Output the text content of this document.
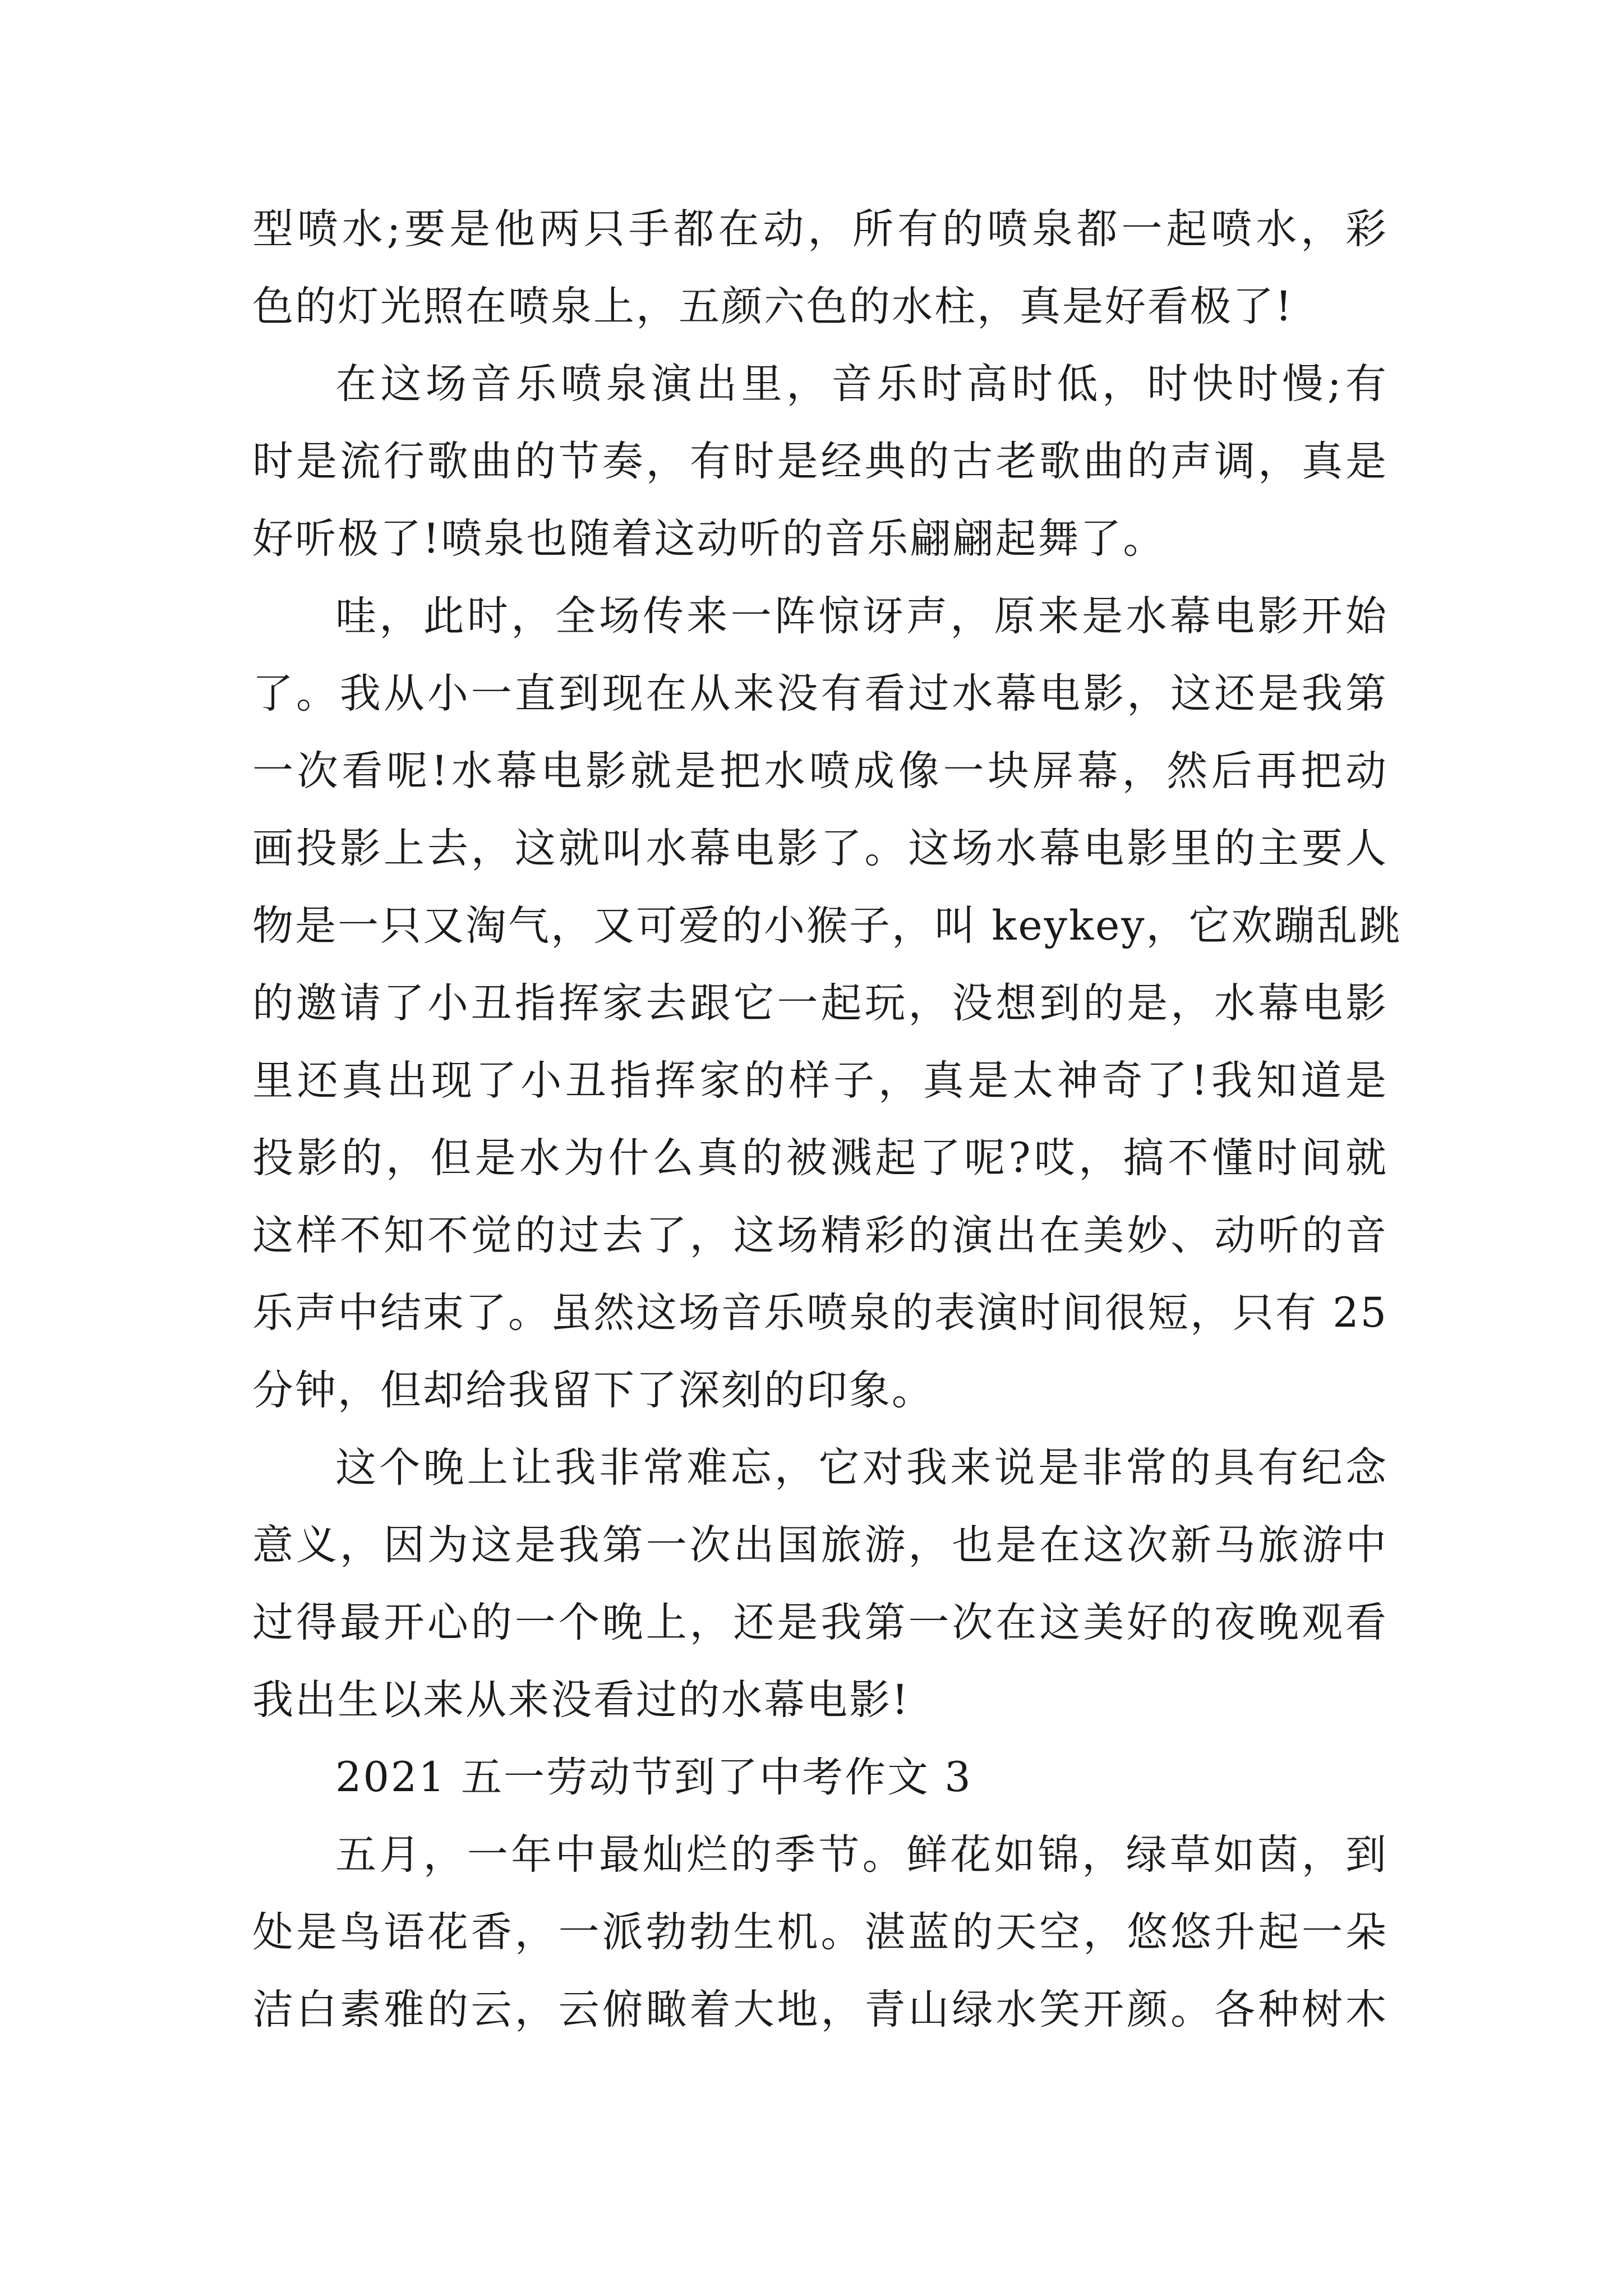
型喷水;要是他两只手都在动，所有的喷泉都一起喷水，彩
色的灯光照在喷泉上，五颜六色的水柱，真是好看极了!
在这场音乐喷泉演出里，音乐时高时低，时快时慢;有
时是流行歌曲的节奏，有时是经典的古老歌曲的声调，真是
好听极了!喷泉也随着这动听的音乐翩翩起舞了。
哇，此时，全场传来一阵惊讶声，原来是水幕电影开始
了。我从小一直到现在从来没有看过水幕电影，这还是我第
一次看呢!水幕电影就是把水喷成像一块屏幕，然后再把动
画投影上去，这就叫水幕电影了。这场水幕电影里的主要人
物是一只又淘气，又可爱的小猴子，叫 keykey，它欢蹦乱跳
的邀请了小丑指挥家去跟它一起玩，没想到的是，水幕电影
里还真出现了小丑指挥家的样子，真是太神奇了!我知道是
投影的，但是水为什么真的被溅起了呢?哎，搞不懂时间就
这样不知不觉的过去了，这场精彩的演出在美妙、动听的音
乐声中结束了。虽然这场音乐喷泉的表演时间很短，只有 25
分钟，但却给我留下了深刻的印象。
这个晚上让我非常难忘，它对我来说是非常的具有纪念
意义，因为这是我第一次出国旅游，也是在这次新马旅游中
过得最开心的一个晚上，还是我第一次在这美好的夜晚观看
我出生以来从来没看过的水幕电影!
2021 五一劳动节到了中考作文 3
五月，一年中最灿烂的季节。鲜花如锦，绿草如茵，到
处是鸟语花香，一派勃勃生机。湛蓝的天空，悠悠升起一朵
洁白素雅的云，云俯瞰着大地，青山绿水笑开颜。各种树木
